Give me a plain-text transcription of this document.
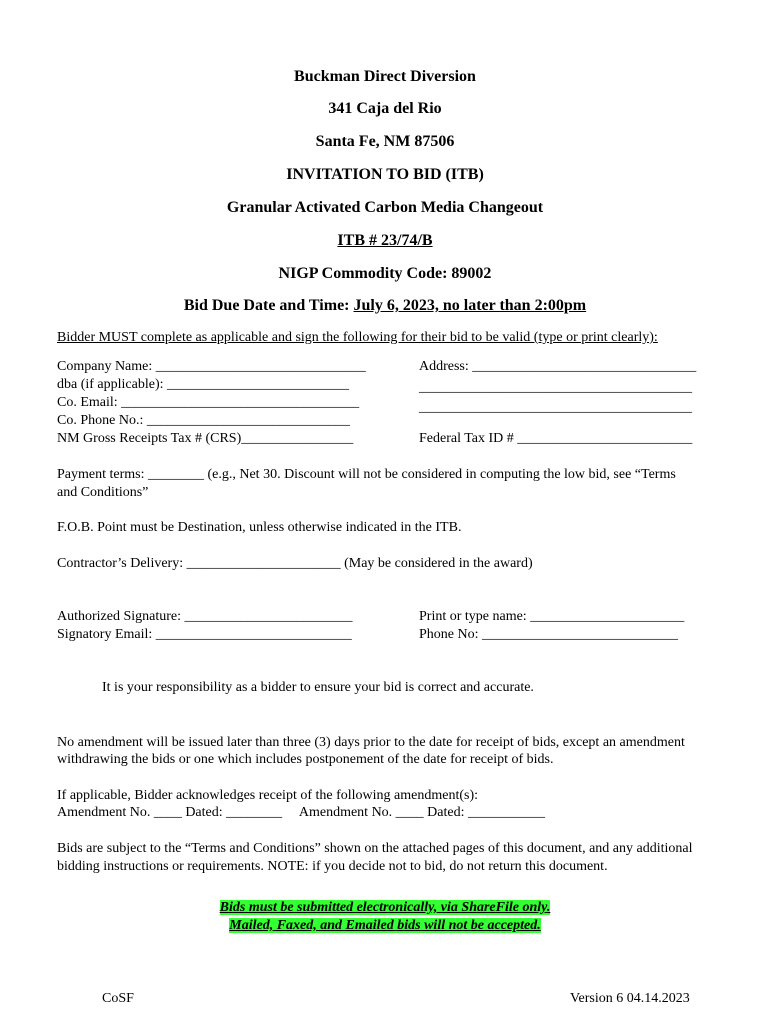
Buckman Direct Diversion
341 Caja del Rio
Santa Fe, NM 87506
INVITATION TO BID (ITB)
Granular Activated Carbon Media Changeout
ITB # 23/74/B
NIGP Commodity Code: 89002
Bid Due Date and Time: July 6, 2023, no later than 2:00pm
Bidder MUST complete as applicable and sign the following for their bid to be valid (type or print clearly):
Company Name: ______________________________
dba (if applicable): __________________________
Co. Email: __________________________________
Co. Phone No.: _____________________________
NM Gross Receipts Tax # (CRS)________________
Address: ________________________________
_______________________________________
_______________________________________
Federal Tax ID # _________________________
Payment terms: ________ (e.g., Net 30. Discount will not be considered in computing the low bid, see “Terms
and Conditions”
F.O.B. Point must be Destination, unless otherwise indicated in the ITB.
Contractor’s Delivery: ______________________ (May be considered in the award)
Authorized Signature: ________________________
Signatory Email: ____________________________
Print or type name: ______________________
Phone No: ____________________________
It is your responsibility as a bidder to ensure your bid is correct and accurate.
No amendment will be issued later than three (3) days prior to the date for receipt of bids, except an amendment
withdrawing the bids or one which includes postponement of the date for receipt of bids.
If applicable, Bidder acknowledges receipt of the following amendment(s):
Amendment No. ____ Dated: ________     Amendment No. ____ Dated: ___________
Bids are subject to the “Terms and Conditions” shown on the attached pages of this document, and any additional
bidding instructions or requirements. NOTE: if you decide not to bid, do not return this document.
Bids must be submitted electronically, via ShareFile only.
Mailed, Faxed, and Emailed bids will not be accepted.
CoSF	Version 6 04.14.2023
